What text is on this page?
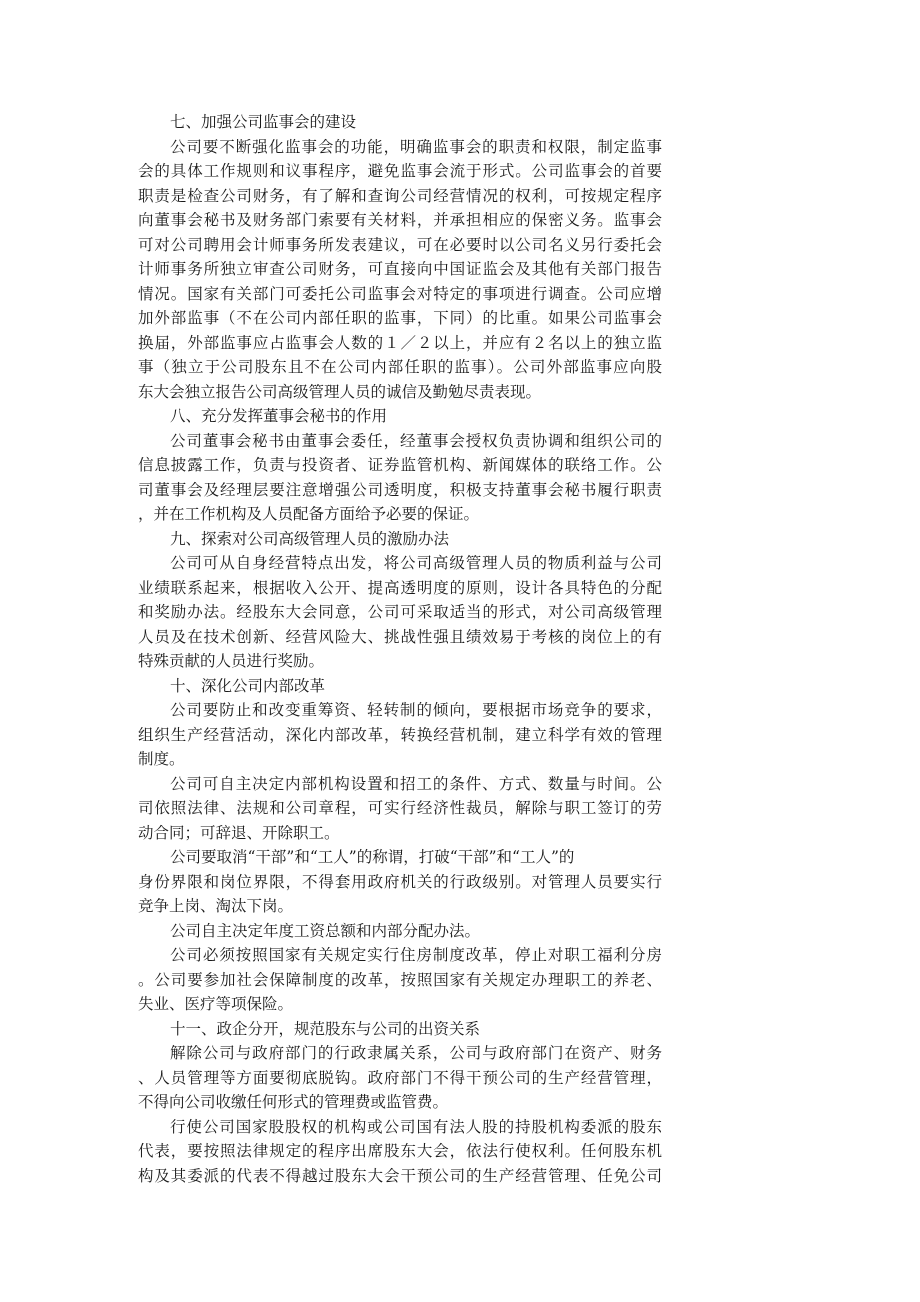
七、加强公司监事会的建设
公司要不断强化监事会的功能，明确监事会的职责和权限，制定监事
会的具体工作规则和议事程序，避免监事会流于形式。公司监事会的首要
职责是检查公司财务，有了解和查询公司经营情况的权利，可按规定程序
向董事会秘书及财务部门索要有关材料，并承担相应的保密义务。监事会
可对公司聘用会计师事务所发表建议，可在必要时以公司名义另行委托会
计师事务所独立审查公司财务，可直接向中国证监会及其他有关部门报告
情况。国家有关部门可委托公司监事会对特定的事项进行调查。公司应增
加外部监事（不在公司内部任职的监事，下同）的比重。如果公司监事会
换届，外部监事应占监事会人数的１／２以上，并应有２名以上的独立监
事（独立于公司股东且不在公司内部任职的监事）。公司外部监事应向股
东大会独立报告公司高级管理人员的诚信及勤勉尽责表现。
八、充分发挥董事会秘书的作用
公司董事会秘书由董事会委任，经董事会授权负责协调和组织公司的
信息披露工作，负责与投资者、证券监管机构、新闻媒体的联络工作。公
司董事会及经理层要注意增强公司透明度，积极支持董事会秘书履行职责
，并在工作机构及人员配备方面给予必要的保证。
九、探索对公司高级管理人员的激励办法
公司可从自身经营特点出发，将公司高级管理人员的物质利益与公司
业绩联系起来，根据收入公开、提高透明度的原则，设计各具特色的分配
和奖励办法。经股东大会同意，公司可采取适当的形式，对公司高级管理
人员及在技术创新、经营风险大、挑战性强且绩效易于考核的岗位上的有
特殊贡献的人员进行奖励。
十、深化公司内部改革
公司要防止和改变重筹资、轻转制的倾向，要根据市场竞争的要求，
组织生产经营活动，深化内部改革，转换经营机制，建立科学有效的管理
制度。
公司可自主决定内部机构设置和招工的条件、方式、数量与时间。公
司依照法律、法规和公司章程，可实行经济性裁员，解除与职工签订的劳
动合同；可辞退、开除职工。
公司要取消“干部”和“工人”的称谓，打破“干部”和“工人”的
身份界限和岗位界限，不得套用政府机关的行政级别。对管理人员要实行
竞争上岗、淘汰下岗。
公司自主决定年度工资总额和内部分配办法。
公司必须按照国家有关规定实行住房制度改革，停止对职工福利分房
。公司要参加社会保障制度的改革，按照国家有关规定办理职工的养老、
失业、医疗等项保险。
十一、政企分开，规范股东与公司的出资关系
解除公司与政府部门的行政隶属关系，公司与政府部门在资产、财务
、人员管理等方面要彻底脱钩。政府部门不得干预公司的生产经营管理，
不得向公司收缴任何形式的管理费或监管费。
行使公司国家股股权的机构或公司国有法人股的持股机构委派的股东
代表，要按照法律规定的程序出席股东大会，依法行使权利。任何股东机
构及其委派的代表不得越过股东大会干预公司的生产经营管理、任免公司
